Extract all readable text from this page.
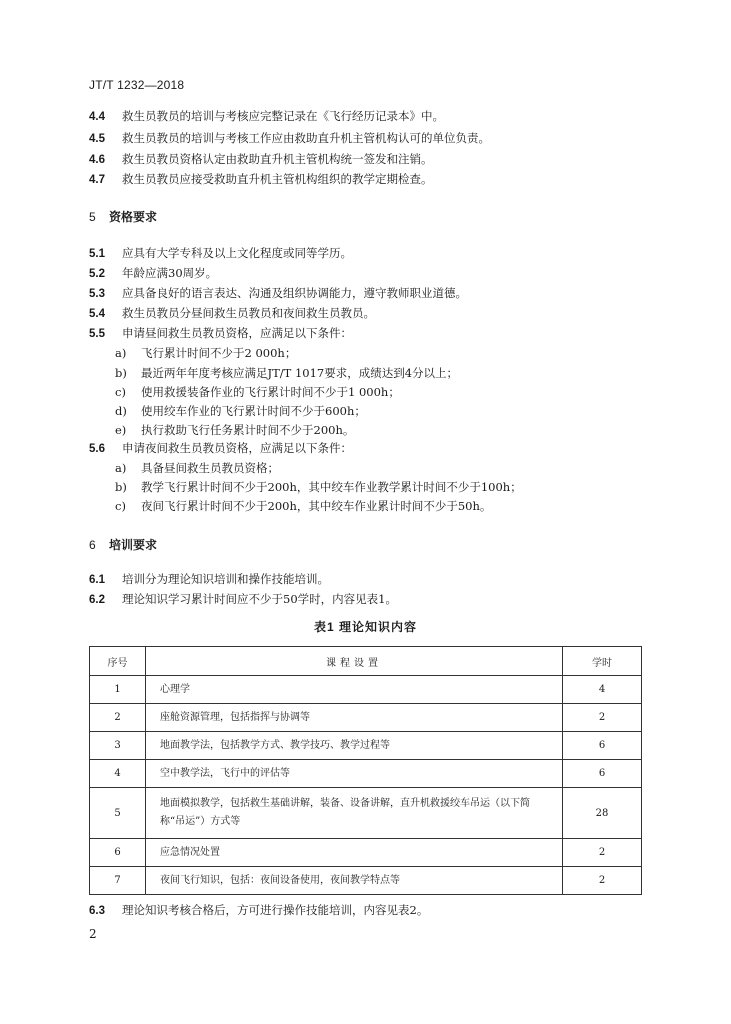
JT/T 1232—2018
4.4 救生员教员的培训与考核应完整记录在《飞行经历记录本》中。
4.5 救生员教员的培训与考核工作应由救助直升机主管机构认可的单位负责。
4.6 救生员教员资格认定由救助直升机主管机构统一签发和注销。
4.7 救生员教员应接受救助直升机主管机构组织的教学定期检查。
5 资格要求
5.1 应具有大学专科及以上文化程度或同等学历。
5.2 年龄应满30周岁。
5.3 应具备良好的语言表达、沟通及组织协调能力，遵守教师职业道德。
5.4 救生员教员分昼间救生员教员和夜间救生员教员。
5.5 申请昼间救生员教员资格，应满足以下条件：
a) 飞行累计时间不少于2 000h；
b) 最近两年年度考核应满足JT/T 1017要求，成绩达到4分以上；
c) 使用救援装备作业的飞行累计时间不少于1 000h；
d) 使用绞车作业的飞行累计时间不少于600h；
e) 执行救助飞行任务累计时间不少于200h。
5.6 申请夜间救生员教员资格，应满足以下条件：
a) 具备昼间救生员教员资格；
b) 教学飞行累计时间不少于200h，其中绞车作业教学累计时间不少于100h；
c) 夜间飞行累计时间不少于200h，其中绞车作业累计时间不少于50h。
6 培训要求
6.1 培训分为理论知识培训和操作技能培训。
6.2 理论知识学习累计时间应不少于50学时，内容见表1。
表1 理论知识内容
序号	课程设置	学时
1	心理学	4
2	座舱资源管理，包括指挥与协调等	2
3	地面教学法，包括教学方式、教学技巧、教学过程等	6
4	空中教学法，飞行中的评估等	6
5	地面模拟教学，包括救生基础讲解，装备、设备讲解，直升机救援绞车吊运（以下简称“吊运”）方式等	28
6	应急情况处置	2
7	夜间飞行知识，包括：夜间设备使用，夜间教学特点等	2
6.3 理论知识考核合格后，方可进行操作技能培训，内容见表2。
2
